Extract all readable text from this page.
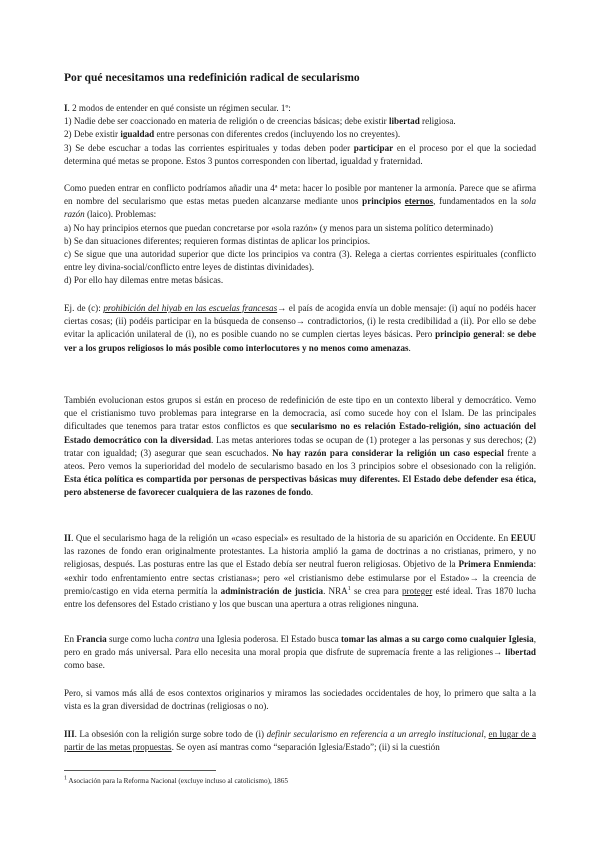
Por qué necesitamos una redefinición radical de secularismo

I. 2 modos de entender en qué consiste un régimen secular. 1º:

1) Nadie debe ser coaccionado en materia de religión o de creencias básicas; debe existir libertad religiosa.

2) Debe existir igualdad entre personas con diferentes credos (incluyendo los no creyentes).

3) Se debe escuchar a todas las corrientes espirituales y todas deben poder participar en el proceso por el que la sociedad determina qué metas se propone. Estos 3 puntos corresponden con libertad, igualdad y fraternidad.

Como pueden entrar en conflicto podríamos añadir una 4ª meta: hacer lo posible por mantener la armonía. Parece que se afirma en nombre del secularismo que estas metas pueden alcanzarse mediante unos principios eternos, fundamentados en la sola razón (laico). Problemas:

a) No hay principios eternos que puedan concretarse por «sola razón» (y menos para un sistema político determinado)

b) Se dan situaciones diferentes; requieren formas distintas de aplicar los principios.

c) Se sigue que una autoridad superior que dicte los principios va contra (3). Relega a ciertas corrientes espirituales (conflicto entre ley divina-social/conflicto entre leyes de distintas divinidades).

d) Por ello hay dilemas entre metas básicas.

Ej. de (c): prohibición del hiyab en las escuelas francesas→ el país de acogida envía un doble mensaje: (i) aquí no podéis hacer ciertas cosas; (ii) podéis participar en la búsqueda de consenso→ contradictorios, (i) le resta credibilidad a (ii). Por ello se debe evitar la aplicación unilateral de (i), no es posible cuando no se cumplen ciertas leyes básicas. Pero principio general: se debe ver a los grupos religiosos lo más posible como interlocutores y no menos como amenazas.

También evolucionan estos grupos si están en proceso de redefinición de este tipo en un contexto liberal y democrático. Vemo que el cristianismo tuvo problemas para integrarse en la democracia, así como sucede hoy con el Islam. De las principales dificultades que tenemos para tratar estos conflictos es que secularismo no es relación Estado-religión, sino actuación del Estado democrático con la diversidad. Las metas anteriores todas se ocupan de (1) proteger a las personas y sus derechos; (2) tratar con igualdad; (3) asegurar que sean escuchados. No hay razón para considerar la religión un caso especial frente a ateos. Pero vemos la superioridad del modelo de secularismo basado en los 3 principios sobre el obsesionado con la religión. Esta ética política es compartida por personas de perspectivas básicas muy diferentes. El Estado debe defender esa ética, pero abstenerse de favorecer cualquiera de las razones de fondo.

II. Que el secularismo haga de la religión un «caso especial» es resultado de la historia de su aparición en Occidente. En EEUU las razones de fondo eran originalmente protestantes. La historia amplió la gama de doctrinas a no cristianas, primero, y no religiosas, después. Las posturas entre las que el Estado debía ser neutral fueron religiosas. Objetivo de la Primera Enmienda: «exhir todo enfrentamiento entre sectas cristianas»; pero «el cristianismo debe estimularse por el Estado»→ la creencia de premio/castigo en vida eterna permitía la administración de justicia. NRA$^1$ se crea para proteger esté ideal. Tras 1870 lucha entre los defensores del Estado cristiano y los que buscan una apertura a otras religiones ninguna.

En Francia surge como lucha contra una Iglesia poderosa. El Estado busca tomar las almas a su cargo como cualquier Iglesia, pero en grado más universal. Para ello necesita una moral propia que disfrute de supremacía frente a las religiones→ libertad como base.

Pero, si vamos más allá de esos contextos originarios y miramos las sociedades occidentales de hoy, lo primero que salta a la vista es la gran diversidad de doctrinas (religiosas o no).

III. La obsesión con la religión surge sobre todo de (i) definir secularismo en referencia a un arreglo institucional, en lugar de a partir de las metas propuestas. Se oyen así mantras como “separación Iglesia/Estado”; (ii) si la cuestión

$^1$ Asociación para la Reforma Nacional (excluye incluso al catolicismo), 1865
